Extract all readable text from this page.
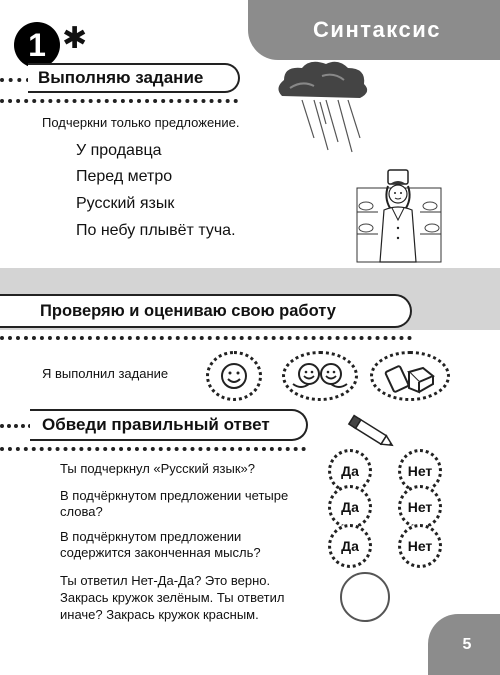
Синтаксис
1 ✱
Выполняю задание
Подчеркни только предложение.
У продавца
Перед метро
Русский язык
По небу плывёт туча.
Проверяю и оцениваю свою работу
Я выполнил задание
Обведи правильный ответ
Ты подчеркнул «Русский язык»?	Да	Нет
В подчёркнутом предложении четыре слова?	Да	Нет
В подчёркнутом предложении содержится законченная мысль?	Да	Нет
Ты ответил Нет-Да-Да? Это верно. Закрась кружок зелёным. Ты ответил иначе? Закрась кружок красным.
5
